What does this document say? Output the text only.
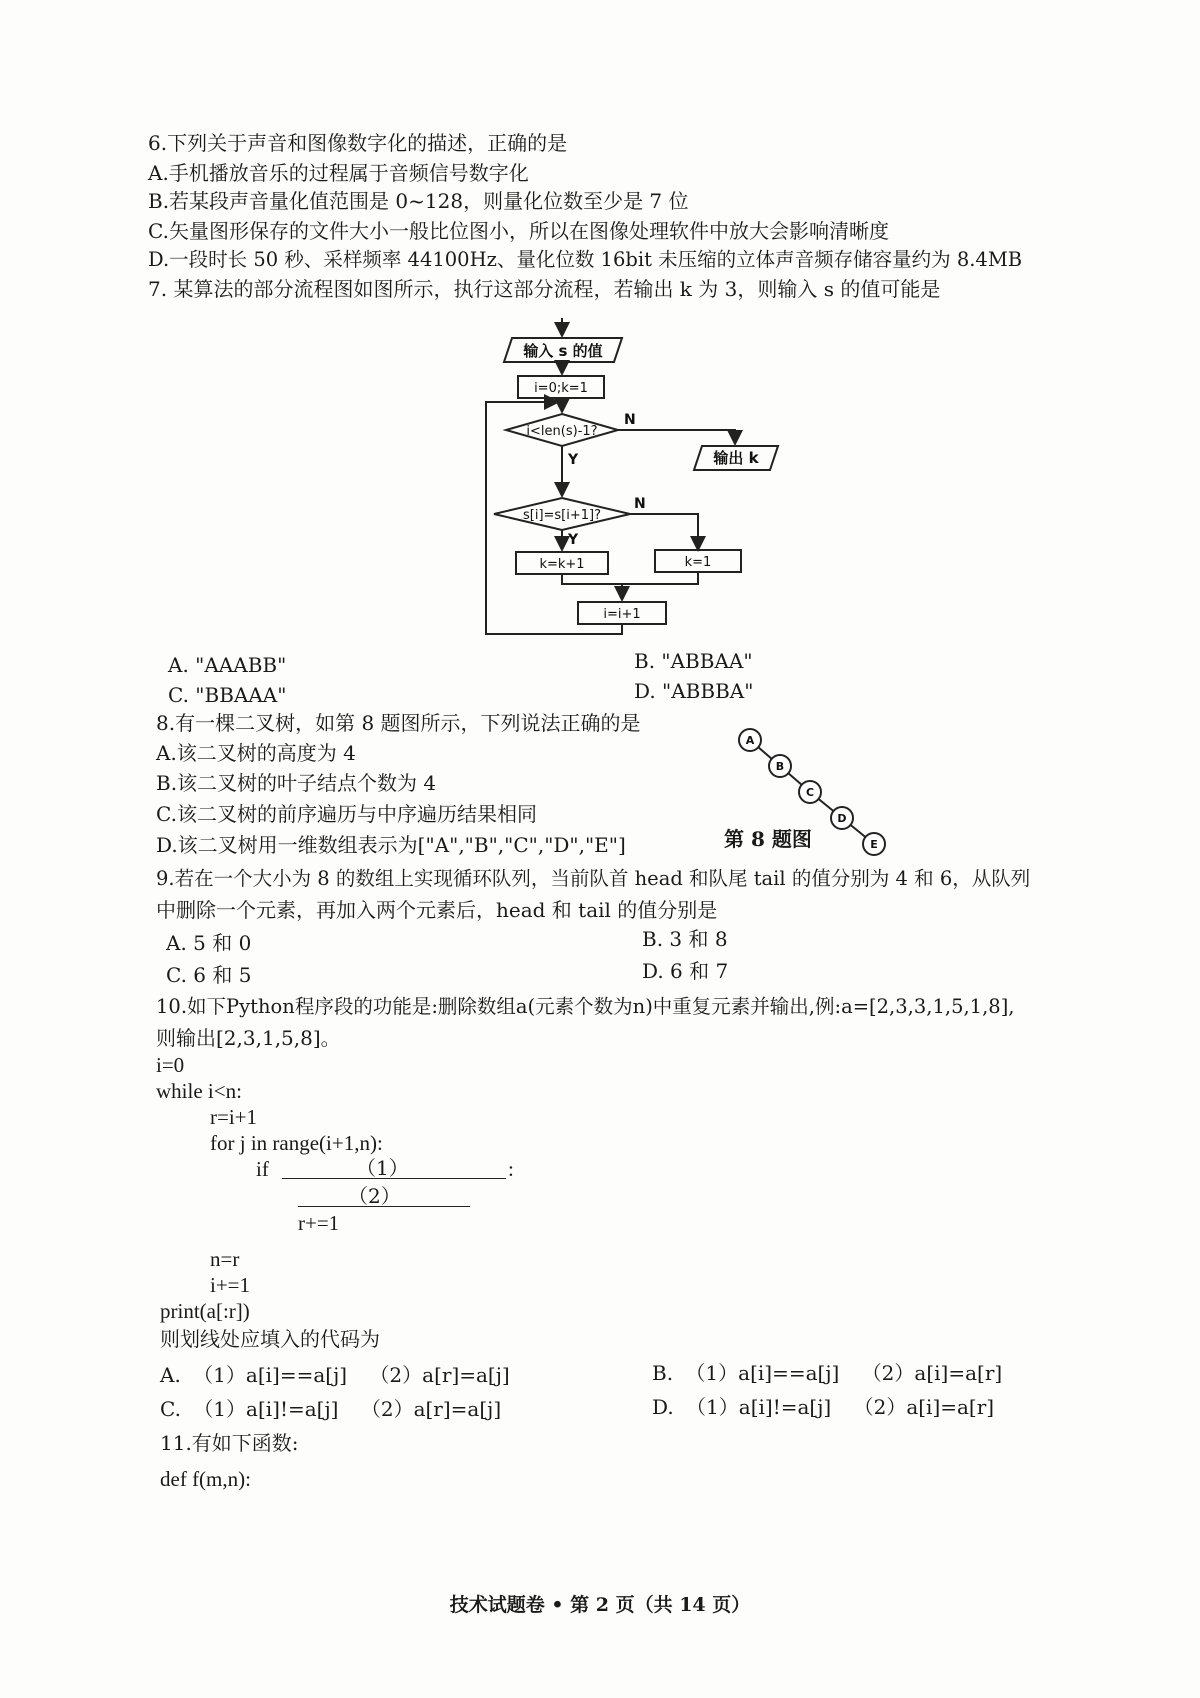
6.下列关于声音和图像数字化的描述，正确的是
A.手机播放音乐的过程属于音频信号数字化
B.若某段声音量化值范围是 0~128，则量化位数至少是 7 位
C.矢量图形保存的文件大小一般比位图小，所以在图像处理软件中放大会影响清晰度
D.一段时长 50 秒、采样频率 44100Hz、量化位数 16bit 未压缩的立体声音频存储容量约为 8.4MB
7. 某算法的部分流程图如图所示，执行这部分流程，若输出 k 为 3，则输入 s 的值可能是
输入 s 的值
i=0;k=1
i<len(s)-1?
N
Y	输出 k
s[i]=s[i+1]?
N
Y
k=k+1	k=1
i=i+1
A. "AAABB"	B. "ABBAA"
C. "BBAAA"	D. "ABBBA"
8.有一棵二叉树，如第 8 题图所示，下列说法正确的是
A.该二叉树的高度为 4
B.该二叉树的叶子结点个数为 4
C.该二叉树的前序遍历与中序遍历结果相同
D.该二叉树用一维数组表示为["A","B","C","D","E"]
A
B
C
D
E
第 8 题图
9.若在一个大小为 8 的数组上实现循环队列，当前队首 head 和队尾 tail 的值分别为 4 和 6，从队列
中删除一个元素，再加入两个元素后，head 和 tail 的值分别是
A. 5 和 0	B. 3 和 8
C. 6 和 5	D. 6 和 7
10.如下Python程序段的功能是:删除数组a(元素个数为n)中重复元素并输出,例:a=[2,3,3,1,5,1,8],
则输出[2,3,1,5,8]。
i=0
while i<n:
r=i+1
for j in range(i+1,n):
if	（1）	:
（2）
r+=1
n=r
i+=1
print(a[:r])
则划线处应填入的代码为
A. （1）a[i]==a[j] （2）a[r]=a[j]	B. （1）a[i]==a[j] （2）a[i]=a[r]
C. （1）a[i]!=a[j] （2）a[r]=a[j]	D. （1）a[i]!=a[j] （2）a[i]=a[r]
11.有如下函数:
def f(m,n):
技术试题卷 • 第 2 页（共 14 页）
